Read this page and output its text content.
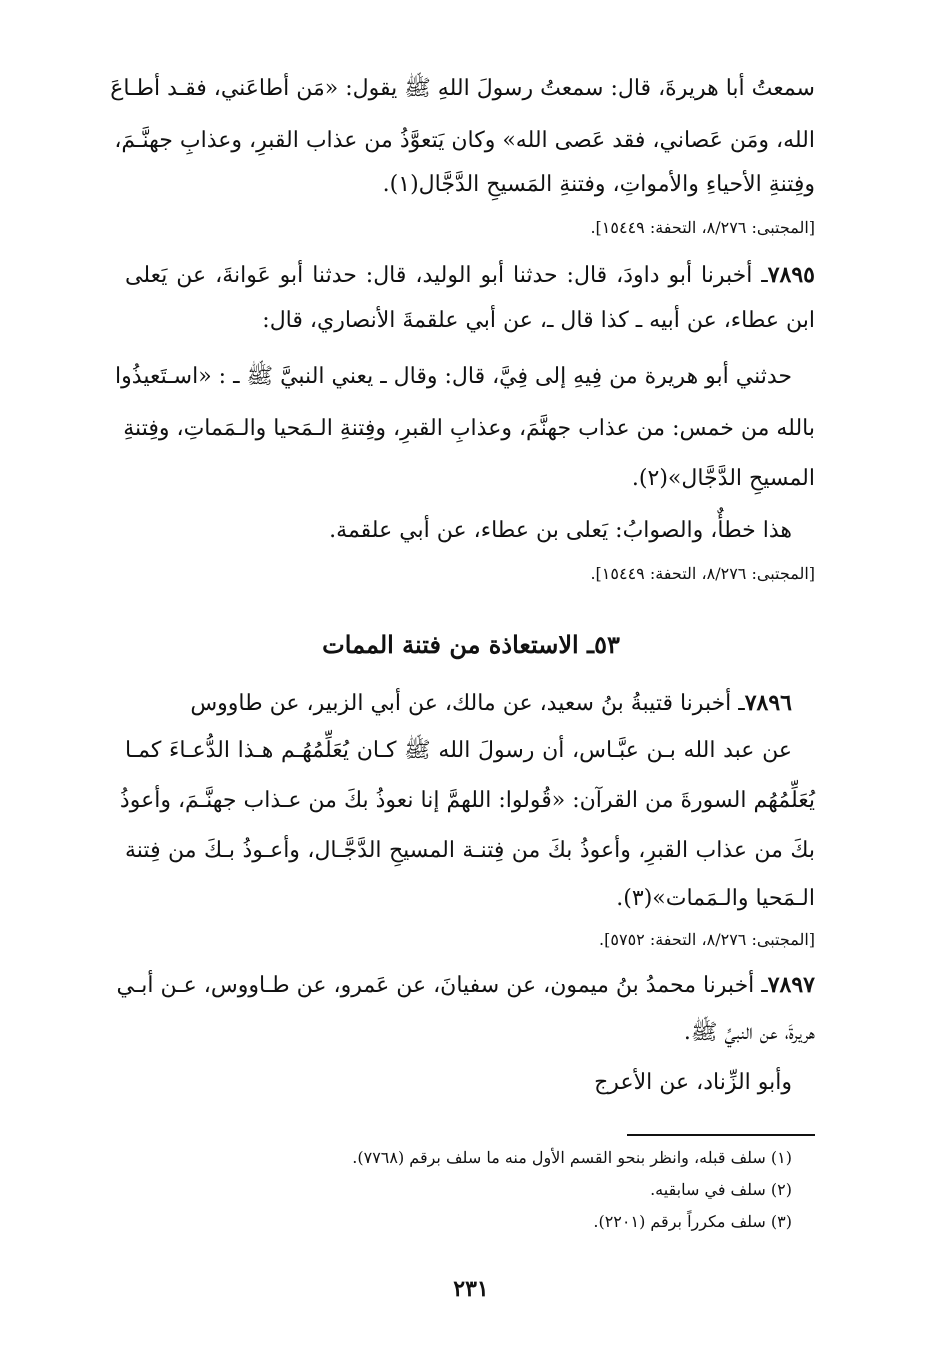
سمعتُ أبا هريرةَ، قال: سمعتُ رسولَ اللهِ ﷺ يقول: «مَن أطاعَني، فقـد أطـاعَ
الله، ومَن عَصاني، فقد عَصى الله» وكان يَتعوَّذُ من عذاب القبرِ، وعذابِ جهنَّـمَ،
وفِتنةِ الأحياءِ والأمواتِ، وفتنةِ المَسيحِ الدَّجَّال(١).
[المجتبى: ٨/٢٧٦، التحفة: ١٥٤٤٩].
٧٨٩٥ـ أخبرنا أبو داودَ، قال: حدثنا أبو الوليد، قال: حدثنا أبو عَوانةَ، عن يَعلى
ابن عطاء، عن أبيه ـ كذا قال ـ، عن أبي علقمةَ الأنصاري، قال:
حدثني أبو هريرة من فِيهِ إلى فِيَّ، قال: وقال ـ يعني النبيَّ ﷺ ـ : «اسـتَعيذُوا
بالله من خمس: من عذاب جهنَّمَ، وعذابِ القبرِ، وفِتنةِ الـمَحيا والـمَماتِ، وفِتنةِ
المسيحِ الدَّجَّال»(٢).
هذا خطأٌ، والصوابُ: يَعلى بن عطاء، عن أبي علقمة.
[المجتبى: ٨/٢٧٦، التحفة: ١٥٤٤٩].
٥٣ـ الاستعاذة من فتنة الممات
٧٨٩٦ـ أخبرنا قتيبةُ بنُ سعيد، عن مالك، عن أبي الزبير، عن طاووس
عن عبد الله بـن عبَّـاس، أن رسولَ الله ﷺ كـان يُعَلِّمُهُـم هـذا الدُّعـاءَ كمـا
يُعَلِّمُهُم السورةَ من القرآن: «قُولوا: اللهمَّ إنا نعوذُ بكَ من عـذاب جهنَّـمَ، وأعوذُ
بكَ من عذاب القبرِ، وأعوذُ بكَ من فِتنـة المسيحِ الدَّجَّـال، وأعـوذُ بـكَ من فِتنة
الـمَحيا والـمَمات»(٣).
[المجتبى: ٨/٢٧٦، التحفة: ٥٧٥٢].
٧٨٩٧ـ أخبرنا محمدُ بنُ ميمون، عن سفيانَ، عن عَمرو، عن طـاووس، عـن أبـي
هريرةَ، عن النبيِّ ﷺ.
وأبو الزِّناد، عن الأعرج
(١) سلف قبله، وانظر بنحو القسم الأول منه ما سلف برقم (٧٧٦٨).
(٢) سلف في سابقيه.
(٣) سلف مكرراً برقم (٢٢٠١).
٢٣١
